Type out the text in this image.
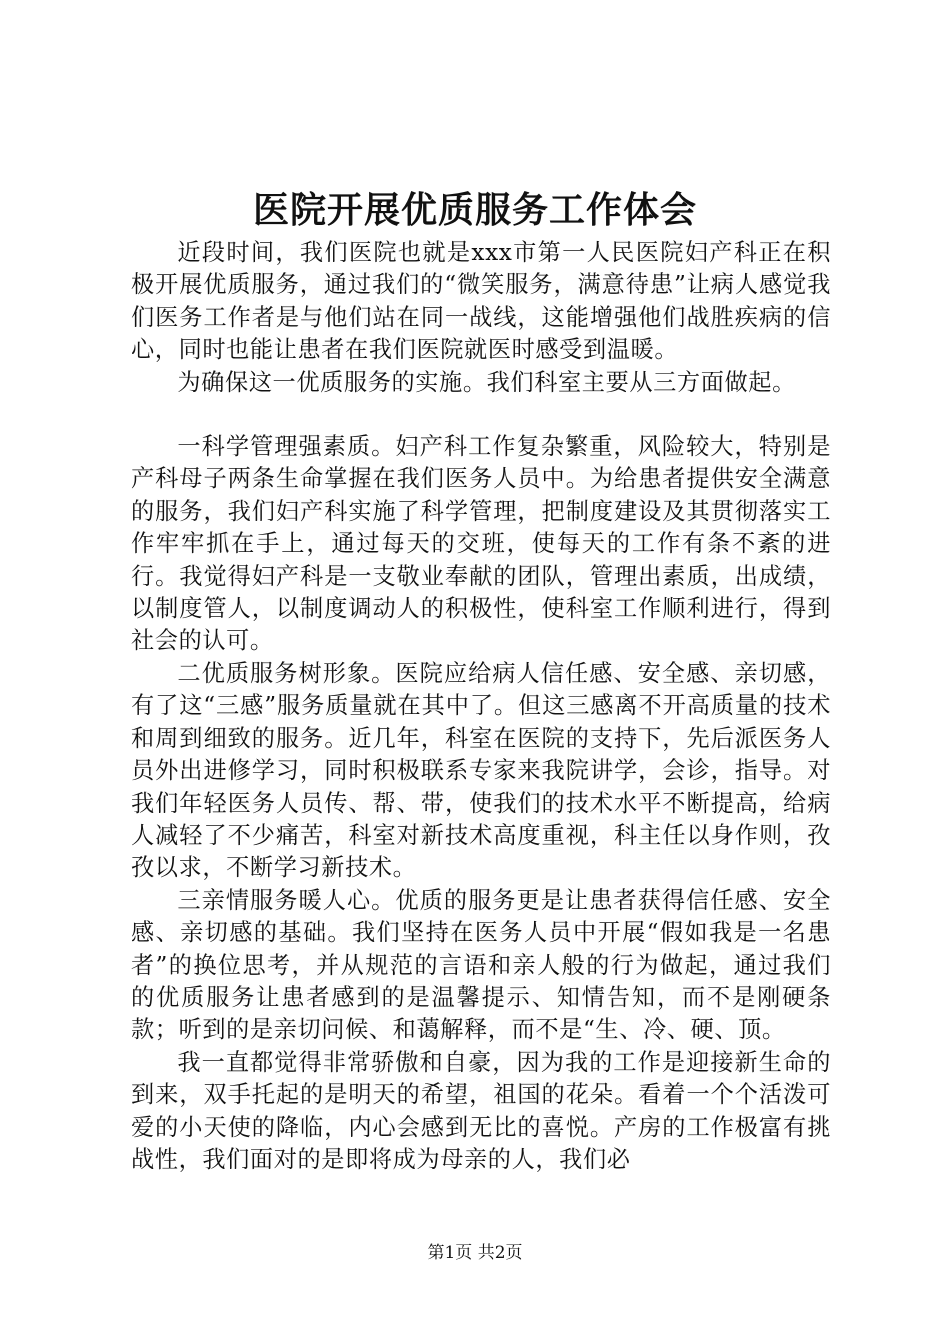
医院开展优质服务工作体会

近段时间，我们医院也就是xxx市第一人民医院妇产科正在积极开展优质服务，通过我们的“微笑服务，满意待患”让病人感觉我们医务工作者是与他们站在同一战线，这能增强他们战胜疾病的信心，同时也能让患者在我们医院就医时感受到温暖。

为确保这一优质服务的实施。我们科室主要从三方面做起。

一科学管理强素质。妇产科工作复杂繁重，风险较大，特别是产科母子两条生命掌握在我们医务人员中。为给患者提供安全满意的服务，我们妇产科实施了科学管理，把制度建设及其贯彻落实工作牢牢抓在手上，通过每天的交班，使每天的工作有条不紊的进行。我觉得妇产科是一支敬业奉献的团队，管理出素质，出成绩，以制度管人，以制度调动人的积极性，使科室工作顺利进行，得到社会的认可。

二优质服务树形象。医院应给病人信任感、安全感、亲切感，有了这“三感”服务质量就在其中了。但这三感离不开高质量的技术和周到细致的服务。近几年，科室在医院的支持下，先后派医务人员外出进修学习，同时积极联系专家来我院讲学，会诊，指导。对我们年轻医务人员传、帮、带，使我们的技术水平不断提高，给病人减轻了不少痛苦，科室对新技术高度重视，科主任以身作则，孜孜以求，不断学习新技术。

三亲情服务暖人心。优质的服务更是让患者获得信任感、安全感、亲切感的基础。我们坚持在医务人员中开展“假如我是一名患者”的换位思考，并从规范的言语和亲人般的行为做起，通过我们的优质服务让患者感到的是温馨提示、知情告知，而不是刚硬条款；听到的是亲切问候、和蔼解释，而不是“生、冷、硬、顶。

我一直都觉得非常骄傲和自豪，因为我的工作是迎接新生命的到来，双手托起的是明天的希望，祖国的花朵。看着一个个活泼可爱的小天使的降临，内心会感到无比的喜悦。产房的工作极富有挑战性，我们面对的是即将成为母亲的人，我们必

第1页 共2页
